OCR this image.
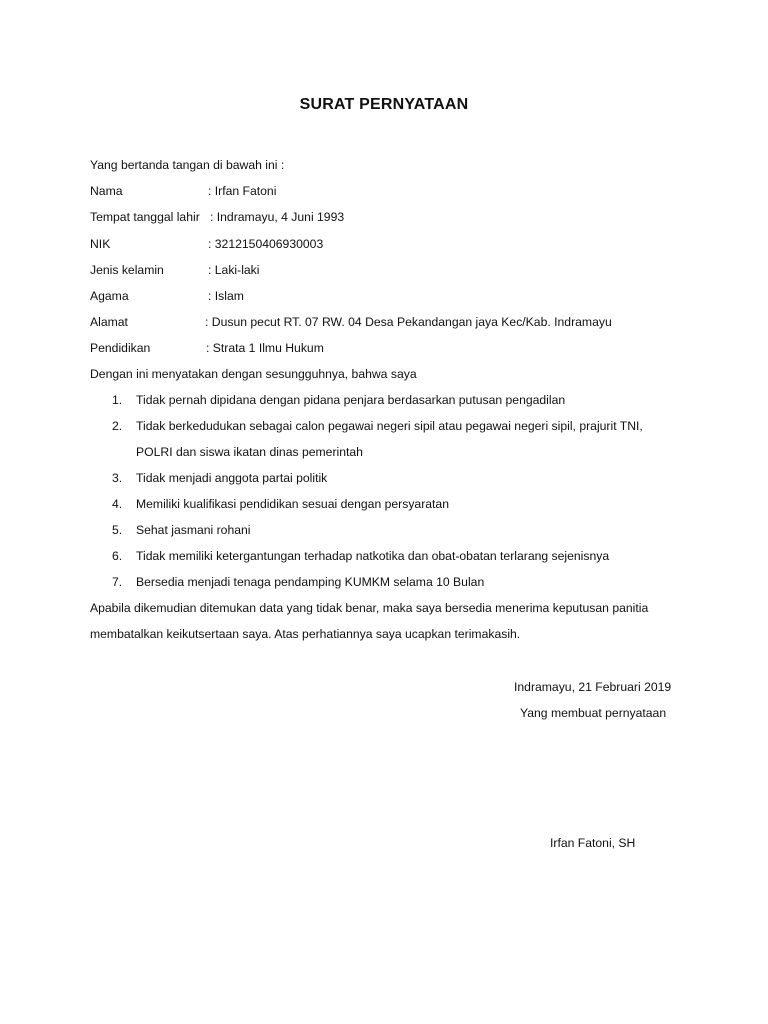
SURAT PERNYATAAN
Yang bertanda tangan di bawah ini :
Nama	: Irfan Fatoni
Tempat tanggal lahir : Indramayu, 4 Juni 1993
NIK	: 3212150406930003
Jenis kelamin	: Laki-laki
Agama	: Islam
Alamat	: Dusun pecut RT. 07 RW. 04 Desa Pekandangan jaya Kec/Kab. Indramayu
Pendidikan	: Strata 1 Ilmu Hukum
Dengan ini menyatakan dengan sesungguhnya, bahwa saya
1. Tidak pernah dipidana dengan pidana penjara berdasarkan putusan pengadilan
2. Tidak berkedudukan sebagai calon pegawai negeri sipil atau pegawai negeri sipil, prajurit TNI,
POLRI dan siswa ikatan dinas pemerintah
3. Tidak menjadi anggota partai politik
4. Memiliki kualifikasi pendidikan sesuai dengan persyaratan
5. Sehat jasmani rohani
6. Tidak memiliki ketergantungan terhadap natkotika dan obat-obatan terlarang sejenisnya
7. Bersedia menjadi tenaga pendamping KUMKM selama 10 Bulan
Apabila dikemudian ditemukan data yang tidak benar, maka saya bersedia menerima keputusan panitia
membatalkan keikutsertaan saya. Atas perhatiannya saya ucapkan terimakasih.
Indramayu, 21 Februari 2019
Yang membuat pernyataan
Irfan Fatoni, SH
